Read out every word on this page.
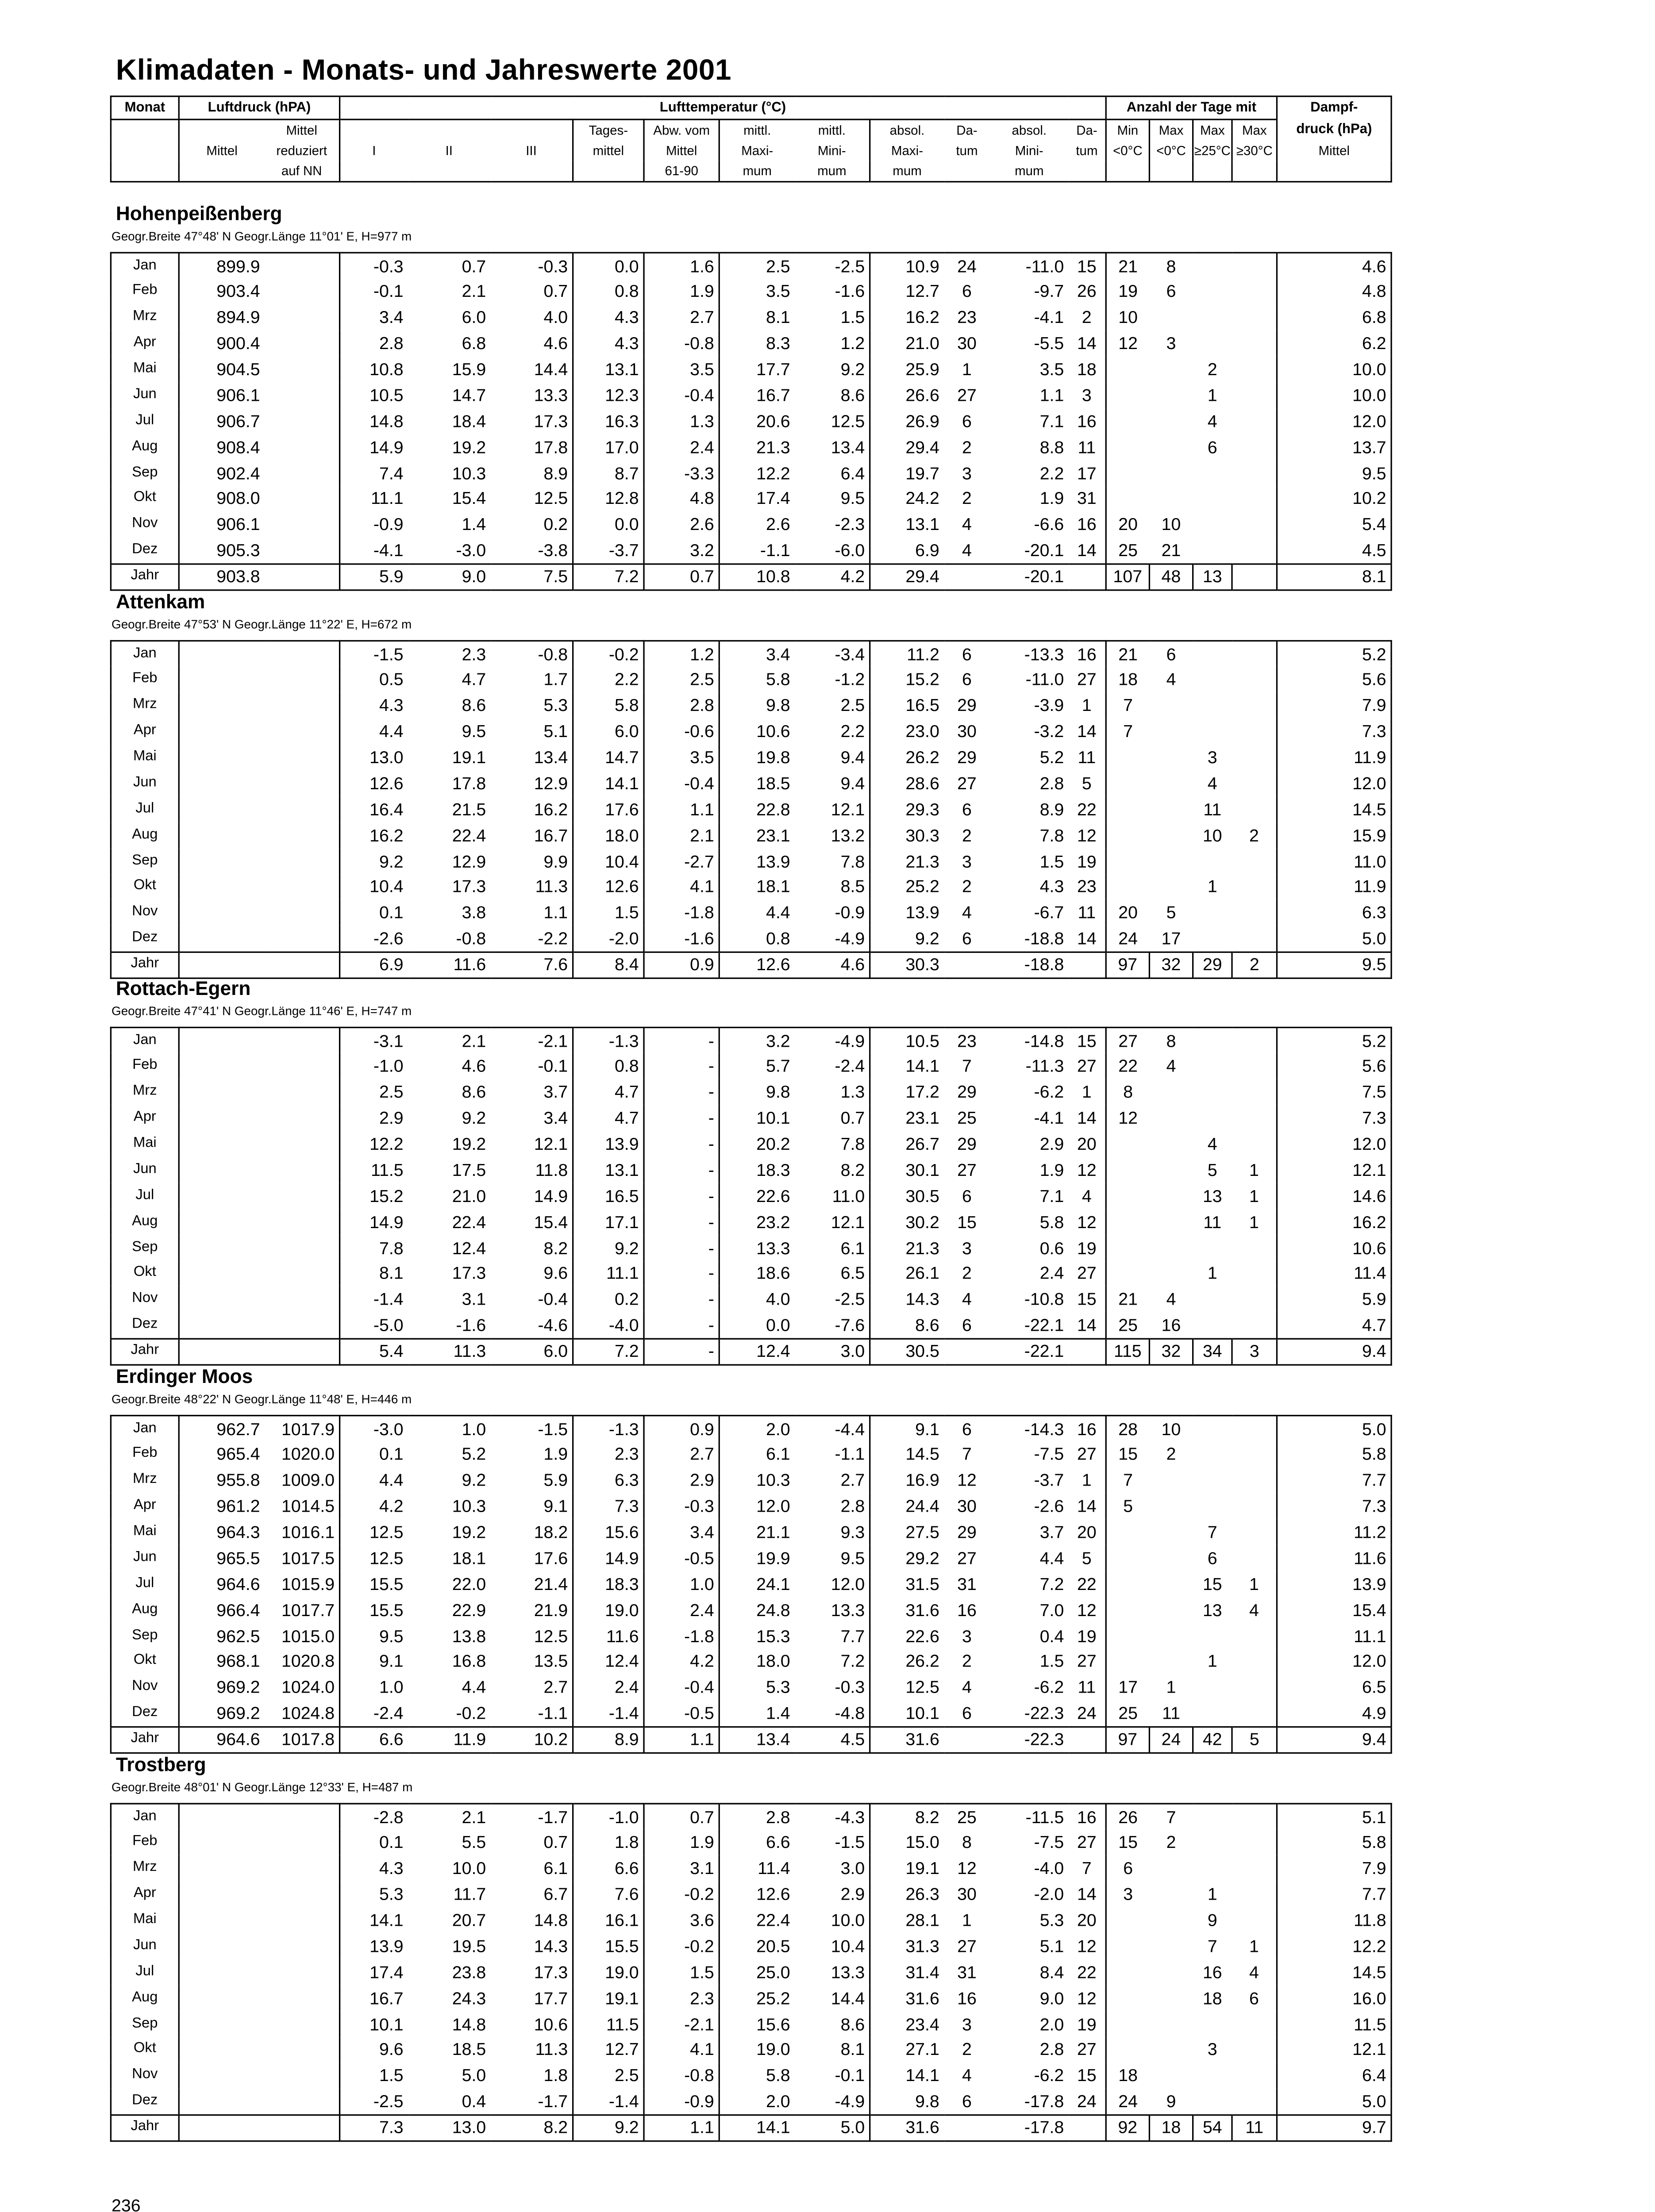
Klimadaten - Monats- und Jahreswerte 2001
Monat	Luftdruck (hPA)		Lufttemperatur (°C)											Anzahl der Tage mit				Dampf-
		Mittel				Tages-	Abw. vom	mittl.	mittl.	absol.	Da-	absol.	Da-	Min	Max	Max	Max	druck (hPa)
	Mittel	reduziert	I	II	III	mittel	Mittel	Maxi-	Mini-	Maxi-	tum	Mini-	tum	<0°C	<0°C	≥25°C	≥30°C	Mittel
		auf NN					61-90	mum	mum	mum		mum						
Hohenpeißenberg
Geogr.Breite 47°48' N Geogr.Länge 11°01' E, H=977 m
Jan	899.9		-0.3	0.7	-0.3	0.0	1.6	2.5	-2.5	10.9	24	-11.0	15	21	8			4.6
Feb	903.4		-0.1	2.1	0.7	0.8	1.9	3.5	-1.6	12.7	6	-9.7	26	19	6			4.8
Mrz	894.9		3.4	6.0	4.0	4.3	2.7	8.1	1.5	16.2	23	-4.1	2	10				6.8
Apr	900.4		2.8	6.8	4.6	4.3	-0.8	8.3	1.2	21.0	30	-5.5	14	12	3			6.2
Mai	904.5		10.8	15.9	14.4	13.1	3.5	17.7	9.2	25.9	1	3.5	18			2		10.0
Jun	906.1		10.5	14.7	13.3	12.3	-0.4	16.7	8.6	26.6	27	1.1	3			1		10.0
Jul	906.7		14.8	18.4	17.3	16.3	1.3	20.6	12.5	26.9	6	7.1	16			4		12.0
Aug	908.4		14.9	19.2	17.8	17.0	2.4	21.3	13.4	29.4	2	8.8	11			6		13.7
Sep	902.4		7.4	10.3	8.9	8.7	-3.3	12.2	6.4	19.7	3	2.2	17					9.5
Okt	908.0		11.1	15.4	12.5	12.8	4.8	17.4	9.5	24.2	2	1.9	31					10.2
Nov	906.1		-0.9	1.4	0.2	0.0	2.6	2.6	-2.3	13.1	4	-6.6	16	20	10			5.4
Dez	905.3		-4.1	-3.0	-3.8	-3.7	3.2	-1.1	-6.0	6.9	4	-20.1	14	25	21			4.5
Jahr	903.8		5.9	9.0	7.5	7.2	0.7	10.8	4.2	29.4		-20.1		107	48	13		8.1
Attenkam
Geogr.Breite 47°53' N Geogr.Länge 11°22' E, H=672 m
Jan			-1.5	2.3	-0.8	-0.2	1.2	3.4	-3.4	11.2	6	-13.3	16	21	6			5.2
Feb			0.5	4.7	1.7	2.2	2.5	5.8	-1.2	15.2	6	-11.0	27	18	4			5.6
Mrz			4.3	8.6	5.3	5.8	2.8	9.8	2.5	16.5	29	-3.9	1	7				7.9
Apr			4.4	9.5	5.1	6.0	-0.6	10.6	2.2	23.0	30	-3.2	14	7				7.3
Mai			13.0	19.1	13.4	14.7	3.5	19.8	9.4	26.2	29	5.2	11			3		11.9
Jun			12.6	17.8	12.9	14.1	-0.4	18.5	9.4	28.6	27	2.8	5			4		12.0
Jul			16.4	21.5	16.2	17.6	1.1	22.8	12.1	29.3	6	8.9	22			11		14.5
Aug			16.2	22.4	16.7	18.0	2.1	23.1	13.2	30.3	2	7.8	12			10	2	15.9
Sep			9.2	12.9	9.9	10.4	-2.7	13.9	7.8	21.3	3	1.5	19					11.0
Okt			10.4	17.3	11.3	12.6	4.1	18.1	8.5	25.2	2	4.3	23			1		11.9
Nov			0.1	3.8	1.1	1.5	-1.8	4.4	-0.9	13.9	4	-6.7	11	20	5			6.3
Dez			-2.6	-0.8	-2.2	-2.0	-1.6	0.8	-4.9	9.2	6	-18.8	14	24	17			5.0
Jahr			6.9	11.6	7.6	8.4	0.9	12.6	4.6	30.3		-18.8		97	32	29	2	9.5
Rottach-Egern
Geogr.Breite 47°41' N Geogr.Länge 11°46' E, H=747 m
Jan			-3.1	2.1	-2.1	-1.3	-	3.2	-4.9	10.5	23	-14.8	15	27	8			5.2
Feb			-1.0	4.6	-0.1	0.8	-	5.7	-2.4	14.1	7	-11.3	27	22	4			5.6
Mrz			2.5	8.6	3.7	4.7	-	9.8	1.3	17.2	29	-6.2	1	8				7.5
Apr			2.9	9.2	3.4	4.7	-	10.1	0.7	23.1	25	-4.1	14	12				7.3
Mai			12.2	19.2	12.1	13.9	-	20.2	7.8	26.7	29	2.9	20			4		12.0
Jun			11.5	17.5	11.8	13.1	-	18.3	8.2	30.1	27	1.9	12			5	1	12.1
Jul			15.2	21.0	14.9	16.5	-	22.6	11.0	30.5	6	7.1	4			13	1	14.6
Aug			14.9	22.4	15.4	17.1	-	23.2	12.1	30.2	15	5.8	12			11	1	16.2
Sep			7.8	12.4	8.2	9.2	-	13.3	6.1	21.3	3	0.6	19					10.6
Okt			8.1	17.3	9.6	11.1	-	18.6	6.5	26.1	2	2.4	27			1		11.4
Nov			-1.4	3.1	-0.4	0.2	-	4.0	-2.5	14.3	4	-10.8	15	21	4			5.9
Dez			-5.0	-1.6	-4.6	-4.0	-	0.0	-7.6	8.6	6	-22.1	14	25	16			4.7
Jahr			5.4	11.3	6.0	7.2	-	12.4	3.0	30.5		-22.1		115	32	34	3	9.4
Erdinger Moos
Geogr.Breite 48°22' N Geogr.Länge 11°48' E, H=446 m
Jan	962.7	1017.9	-3.0	1.0	-1.5	-1.3	0.9	2.0	-4.4	9.1	6	-14.3	16	28	10			5.0
Feb	965.4	1020.0	0.1	5.2	1.9	2.3	2.7	6.1	-1.1	14.5	7	-7.5	27	15	2			5.8
Mrz	955.8	1009.0	4.4	9.2	5.9	6.3	2.9	10.3	2.7	16.9	12	-3.7	1	7				7.7
Apr	961.2	1014.5	4.2	10.3	9.1	7.3	-0.3	12.0	2.8	24.4	30	-2.6	14	5				7.3
Mai	964.3	1016.1	12.5	19.2	18.2	15.6	3.4	21.1	9.3	27.5	29	3.7	20			7		11.2
Jun	965.5	1017.5	12.5	18.1	17.6	14.9	-0.5	19.9	9.5	29.2	27	4.4	5			6		11.6
Jul	964.6	1015.9	15.5	22.0	21.4	18.3	1.0	24.1	12.0	31.5	31	7.2	22			15	1	13.9
Aug	966.4	1017.7	15.5	22.9	21.9	19.0	2.4	24.8	13.3	31.6	16	7.0	12			13	4	15.4
Sep	962.5	1015.0	9.5	13.8	12.5	11.6	-1.8	15.3	7.7	22.6	3	0.4	19					11.1
Okt	968.1	1020.8	9.1	16.8	13.5	12.4	4.2	18.0	7.2	26.2	2	1.5	27			1		12.0
Nov	969.2	1024.0	1.0	4.4	2.7	2.4	-0.4	5.3	-0.3	12.5	4	-6.2	11	17	1			6.5
Dez	969.2	1024.8	-2.4	-0.2	-1.1	-1.4	-0.5	1.4	-4.8	10.1	6	-22.3	24	25	11			4.9
Jahr	964.6	1017.8	6.6	11.9	10.2	8.9	1.1	13.4	4.5	31.6		-22.3		97	24	42	5	9.4
Trostberg
Geogr.Breite 48°01' N Geogr.Länge 12°33' E, H=487 m
Jan			-2.8	2.1	-1.7	-1.0	0.7	2.8	-4.3	8.2	25	-11.5	16	26	7			5.1
Feb			0.1	5.5	0.7	1.8	1.9	6.6	-1.5	15.0	8	-7.5	27	15	2			5.8
Mrz			4.3	10.0	6.1	6.6	3.1	11.4	3.0	19.1	12	-4.0	7	6				7.9
Apr			5.3	11.7	6.7	7.6	-0.2	12.6	2.9	26.3	30	-2.0	14	3		1		7.7
Mai			14.1	20.7	14.8	16.1	3.6	22.4	10.0	28.1	1	5.3	20			9		11.8
Jun			13.9	19.5	14.3	15.5	-0.2	20.5	10.4	31.3	27	5.1	12			7	1	12.2
Jul			17.4	23.8	17.3	19.0	1.5	25.0	13.3	31.4	31	8.4	22			16	4	14.5
Aug			16.7	24.3	17.7	19.1	2.3	25.2	14.4	31.6	16	9.0	12			18	6	16.0
Sep			10.1	14.8	10.6	11.5	-2.1	15.6	8.6	23.4	3	2.0	19					11.5
Okt			9.6	18.5	11.3	12.7	4.1	19.0	8.1	27.1	2	2.8	27			3		12.1
Nov			1.5	5.0	1.8	2.5	-0.8	5.8	-0.1	14.1	4	-6.2	15	18				6.4
Dez			-2.5	0.4	-1.7	-1.4	-0.9	2.0	-4.9	9.8	6	-17.8	24	24	9			5.0
Jahr			7.3	13.0	8.2	9.2	1.1	14.1	5.0	31.6		-17.8		92	18	54	11	9.7
236
